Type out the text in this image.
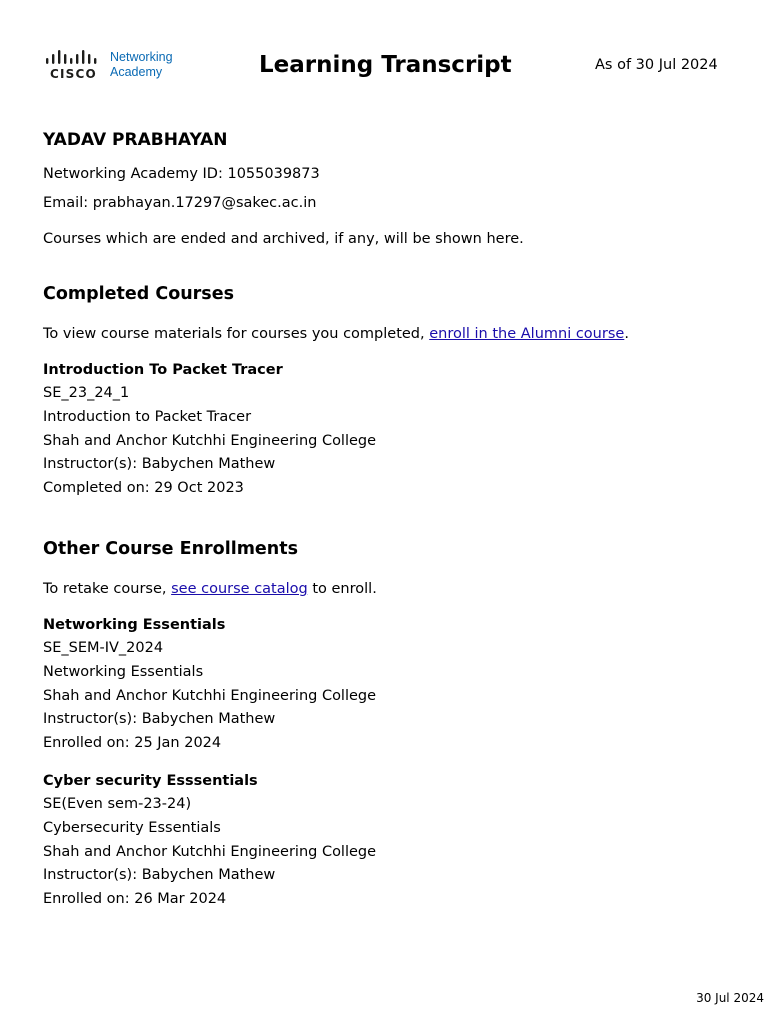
CISCO
Networking
Academy	Learning Transcript	As of 30 Jul 2024
YADAV PRABHAYAN
Networking Academy ID: 1055039873
Email: prabhayan.17297@sakec.ac.in
Courses which are ended and archived, if any, will be shown here.
Completed Courses
To view course materials for courses you completed, enroll in the Alumni course.
Introduction To Packet Tracer
SE_23_24_1
Introduction to Packet Tracer
Shah and Anchor Kutchhi Engineering College
Instructor(s): Babychen Mathew
Completed on: 29 Oct 2023
Other Course Enrollments
To retake course, see course catalog to enroll.
Networking Essentials
SE_SEM-IV_2024
Networking Essentials
Shah and Anchor Kutchhi Engineering College
Instructor(s): Babychen Mathew
Enrolled on: 25 Jan 2024
Cyber security Esssentials
SE(Even sem-23-24)
Cybersecurity Essentials
Shah and Anchor Kutchhi Engineering College
Instructor(s): Babychen Mathew
Enrolled on: 26 Mar 2024
30 Jul 2024
